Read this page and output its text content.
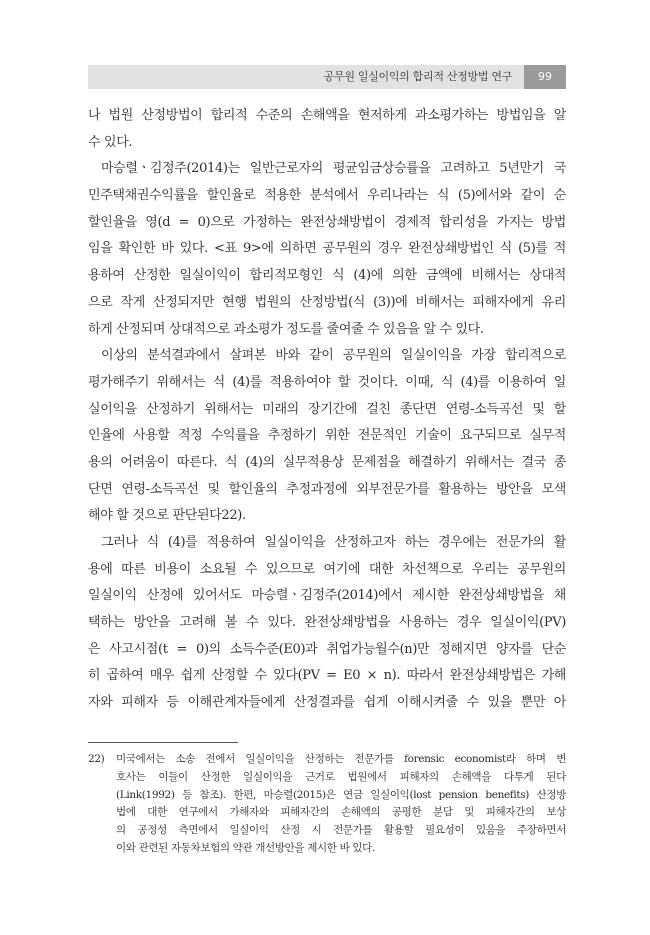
공무원 일실이익의 합리적 산정방법 연구	99
나 법원 산정방법이 합리적 수준의 손해액을 현저하게 과소평가하는 방법임을 알
수 있다.
마승렬ㆍ김정주(2014)는 일반근로자의 평균임금상승률을 고려하고 5년만기 국
민주택채권수익률을 할인율로 적용한 분석에서 우리나라는 식 (5)에서와 같이 순
할인율을 영(d = 0)으로 가정하는 완전상쇄방법이 경제적 합리성을 가지는 방법
임을 확인한 바 있다. <표 9>에 의하면 공무원의 경우 완전상쇄방법인 식 (5)를 적
용하여 산정한 일실이익이 합리적모형인 식 (4)에 의한 금액에 비해서는 상대적
으로 작게 산정되지만 현행 법원의 산정방법(식 (3))에 비해서는 피해자에게 유리
하게 산정되며 상대적으로 과소평가 정도를 줄여줄 수 있음을 알 수 있다.
이상의 분석결과에서 살펴본 바와 같이 공무원의 일실이익을 가장 합리적으로
평가해주기 위해서는 식 (4)를 적용하여야 할 것이다. 이때, 식 (4)를 이용하여 일
실이익을 산정하기 위해서는 미래의 장기간에 걸친 종단면 연령-소득곡선 및 할
인율에 사용할 적정 수익률을 추정하기 위한 전문적인 기술이 요구되므로 실무적
용의 어려움이 따른다. 식 (4)의 실무적용상 문제점을 해결하기 위해서는 결국 종
단면 연령-소득곡선 및 할인율의 추정과정에 외부전문가를 활용하는 방안을 모색
해야 할 것으로 판단된다22).
그러나 식 (4)를 적용하여 일실이익을 산정하고자 하는 경우에는 전문가의 활
용에 따른 비용이 소요될 수 있으므로 여기에 대한 차선책으로 우리는 공무원의
일실이익 산정에 있어서도 마승렬ㆍ김정주(2014)에서 제시한 완전상쇄방법을 채
택하는 방안을 고려해 볼 수 있다. 완전상쇄방법을 사용하는 경우 일실이익(PV)
은 사고시점(t = 0)의 소득수준(E0)과 취업가능월수(n)만 정해지면 양자를 단순
히 곱하여 매우 쉽게 산정할 수 있다(PV = E0 × n). 따라서 완전상쇄방법은 가해
자와 피해자 등 이해관계자들에게 산정결과를 쉽게 이해시켜줄 수 있을 뿐만 아
22) 미국에서는 소송 전에서 일실이익을 산정하는 전문가를 forensic economist라 하며 변
호사는 이들이 산정한 일실이익을 근거로 법원에서 피해자의 손해액을 다투게 된다
(Link(1992) 등 참조). 한편, 마승렬(2015)은 연금 일실이익(lost pension benefits) 산정방
법에 대한 연구에서 가해자와 피해자간의 손해액의 공평한 분담 및 피해자간의 보상
의 공정성 측면에서 일실이익 산정 시 전문가를 활용할 필요성이 있음을 주장하면서
이와 관련된 자동차보험의 약관 개선방안을 제시한 바 있다.
